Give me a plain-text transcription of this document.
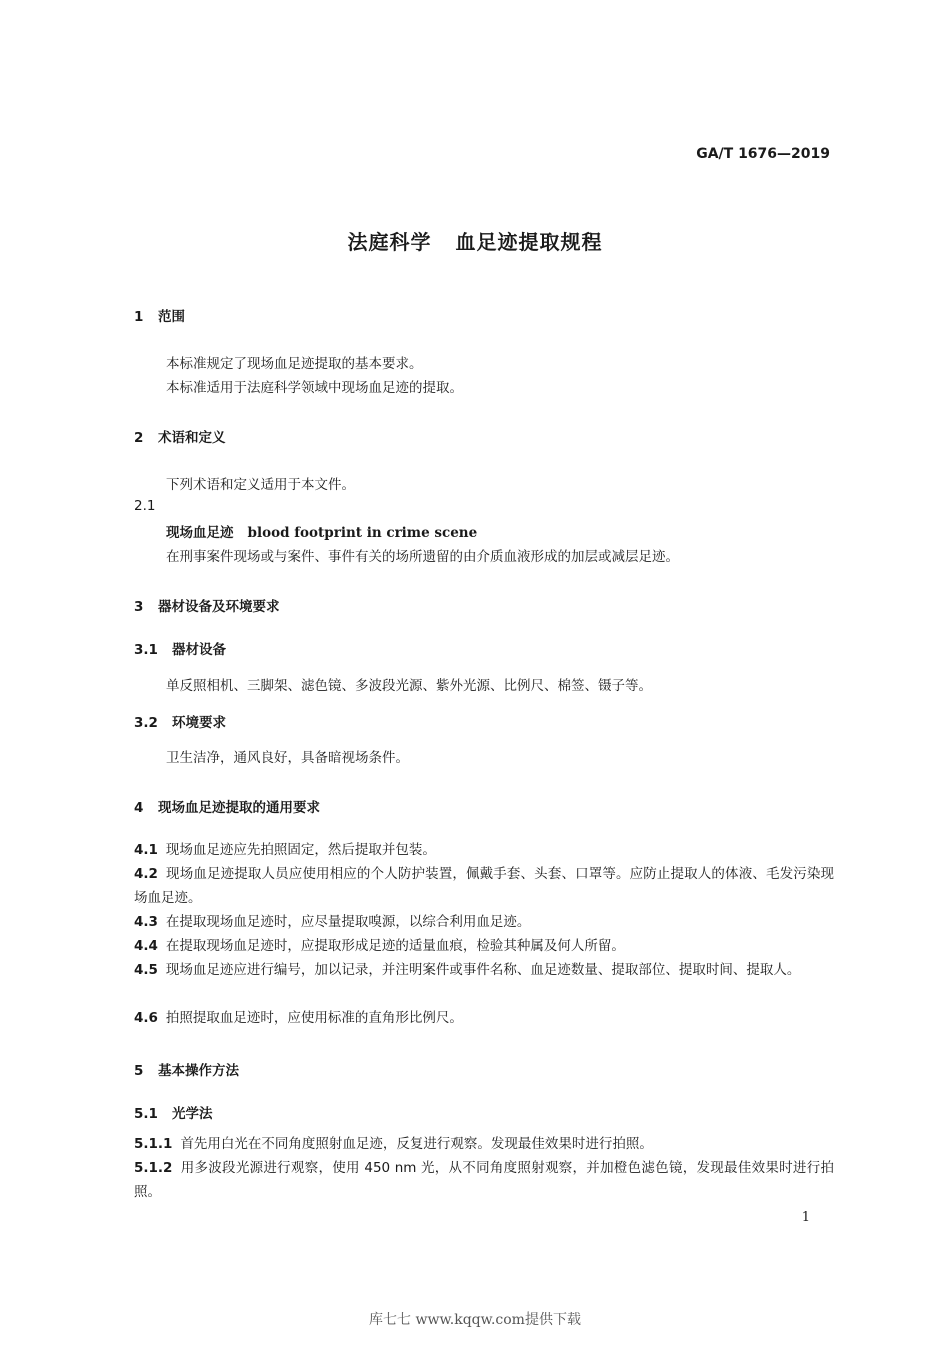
GA/T 1676—2019
法庭科学 血足迹提取规程
1 范围
本标准规定了现场血足迹提取的基本要求。
本标准适用于法庭科学领域中现场血足迹的提取。
2 术语和定义
下列术语和定义适用于本文件。
2.1
现场血足迹 blood footprint in crime scene
在刑事案件现场或与案件、事件有关的场所遗留的由介质血液形成的加层或减层足迹。
3 器材设备及环境要求
3.1 器材设备
单反照相机、三脚架、滤色镜、多波段光源、紫外光源、比例尺、棉签、镊子等。
3.2 环境要求
卫生洁净，通风良好，具备暗视场条件。
4 现场血足迹提取的通用要求
4.1 现场血足迹应先拍照固定，然后提取并包装。
4.2 现场血足迹提取人员应使用相应的个人防护装置，佩戴手套、头套、口罩等。应防止提取人的体液、毛发污染现场血足迹。
4.3 在提取现场血足迹时，应尽量提取嗅源，以综合利用血足迹。
4.4 在提取现场血足迹时，应提取形成足迹的适量血痕，检验其种属及何人所留。
4.5 现场血足迹应进行编号，加以记录，并注明案件或事件名称、血足迹数量、提取部位、提取时间、提取人。
4.6 拍照提取血足迹时，应使用标准的直角形比例尺。
5 基本操作方法
5.1 光学法
5.1.1 首先用白光在不同角度照射血足迹，反复进行观察。发现最佳效果时进行拍照。
5.1.2 用多波段光源进行观察，使用 450 nm 光，从不同角度照射观察，并加橙色滤色镜，发现最佳效果时进行拍照。
1
库七七 www.kqqw.com提供下载
